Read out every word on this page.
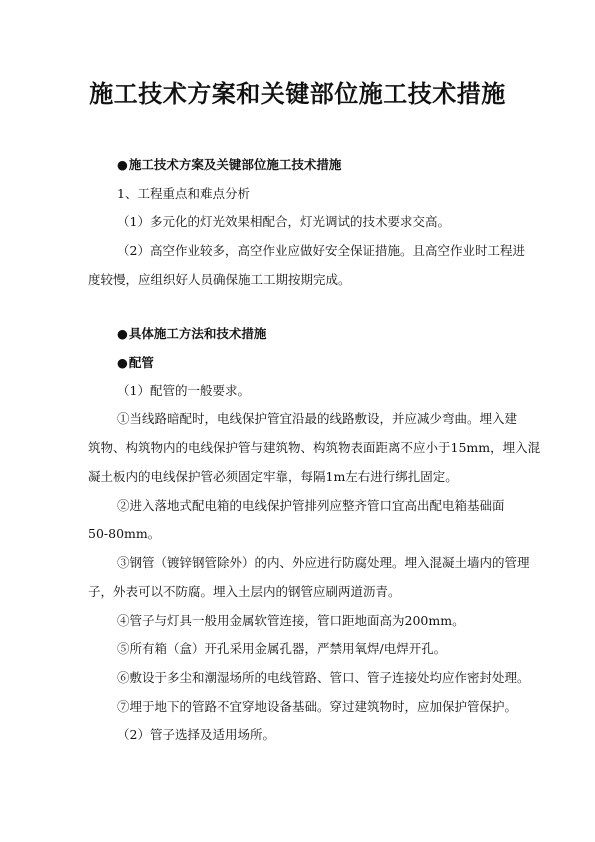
施工技术方案和关键部位施工技术措施
●施工技术方案及关键部位施工技术措施
1、工程重点和难点分析
（1）多元化的灯光效果相配合，灯光调试的技术要求交高。
（2）高空作业较多，高空作业应做好安全保证措施。且高空作业时工程进
度较慢，应组织好人员确保施工工期按期完成。
●具体施工方法和技术措施
●配管
（1）配管的一般要求。
①当线路暗配时，电线保护管宜沿最的线路敷设，并应减少弯曲。埋入建
筑物、构筑物内的电线保护管与建筑物、构筑物表面距离不应小于15mm，埋入混
凝土板内的电线保护管必须固定牢靠，每隔1m左右进行绑扎固定。
②进入落地式配电箱的电线保护管排列应整齐管口宜高出配电箱基础面
50-80mm。
③钢管（镀锌钢管除外）的内、外应进行防腐处理。埋入混凝土墙内的管理
子，外表可以不防腐。埋入土层内的钢管应刷两道沥青。
④管子与灯具一般用金属软管连接，管口距地面高为200mm。
⑤所有箱（盒）开孔采用金属孔器，严禁用氧焊/电焊开孔。
⑥敷设于多尘和潮湿场所的电线管路、管口、管子连接处均应作密封处理。
⑦埋于地下的管路不宜穿地设备基础。穿过建筑物时，应加保护管保护。
（2）管子选择及适用场所。
